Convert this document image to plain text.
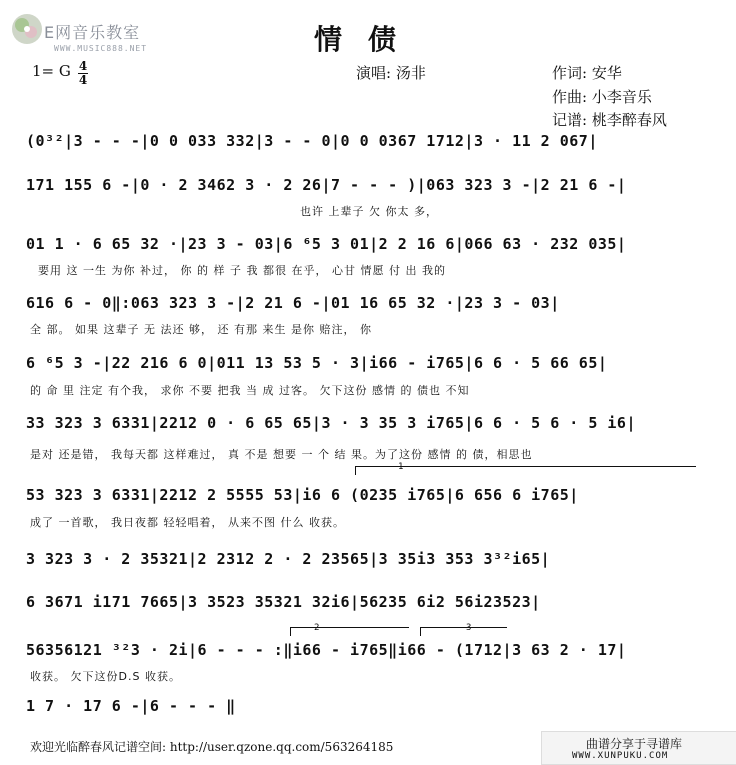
E网音乐教室
WWW.MUSIC888.NET	情债
1= G 4
4	演唱: 汤非	作词: 安华
作曲: 小李音乐
记谱: 桃李醉春风
(0³²|3 - - -|0 0 033 332|3 - - 0|0 0 0367 1712|3 · 11 2 067|
171 155 6 -|0 · 2 3462 3 · 2 26|7 - - - )|063 323 3 -|2 21 6 -|
也许 上辈子 欠 你太 多，
01 1 · 6 65 32 ·|23 3 - 03|6 ⁶5 3 01|2 2 16 6|066 63 · 232 035|
要用 这 一生 为你 补过， 你 的 样 子 我 都很 在乎， 心甘 情愿 付 出 我的
616 6 - 0‖:063 323 3 -|2 21 6 -|01 16 65 32 ·|23 3 - 03|
全 部。 如果 这辈子 无 法还 够， 还 有那 来生 是你 赔注， 你
6 ⁶5 3 -|22 216 6 0|011 13 53 5 · 3|i66 - i765|6 6 · 5 66 65|
的 命 里 注定 有个我， 求你 不要 把我 当 成 过客。 欠下这份 感情 的 债也 不知
33 323 3 6331|2212 0 · 6 65 65|3 · 3 35 3 i765|6 6 · 5 6 · 5 i6|
是对 还是错， 我每天都 这样难过， 真 不是 想要 一 个 结 果。为了这份 感情 的 债，相思也
1
53 323 3 6331|2212 2 5555 53|i6 6 (0235 i765|6 656 6 i765|
成了 一首歌， 我日夜都 轻轻唱着， 从来不图 什么 收获。
3 323 3 · 2 35321|2 2312 2 · 2 23565|3 35i3 353 3³²i65|
6 3671 i171 7665|3 3523 35321 32i6|56235 6i2 56i23523|
2	3
56356121 ³²3 · 2i|6 - - - :‖i66 - i765‖i66 - (1712|3 63 2 · 17|
收获。 欠下这份D.S 收获。
1 7 · 17 6 -|6 - - - ‖
欢迎光临醉春风记谱空间: http://user.qzone.qq.com/563264185	曲谱分享于寻谱库
WWW.XUNPUKU.COM
